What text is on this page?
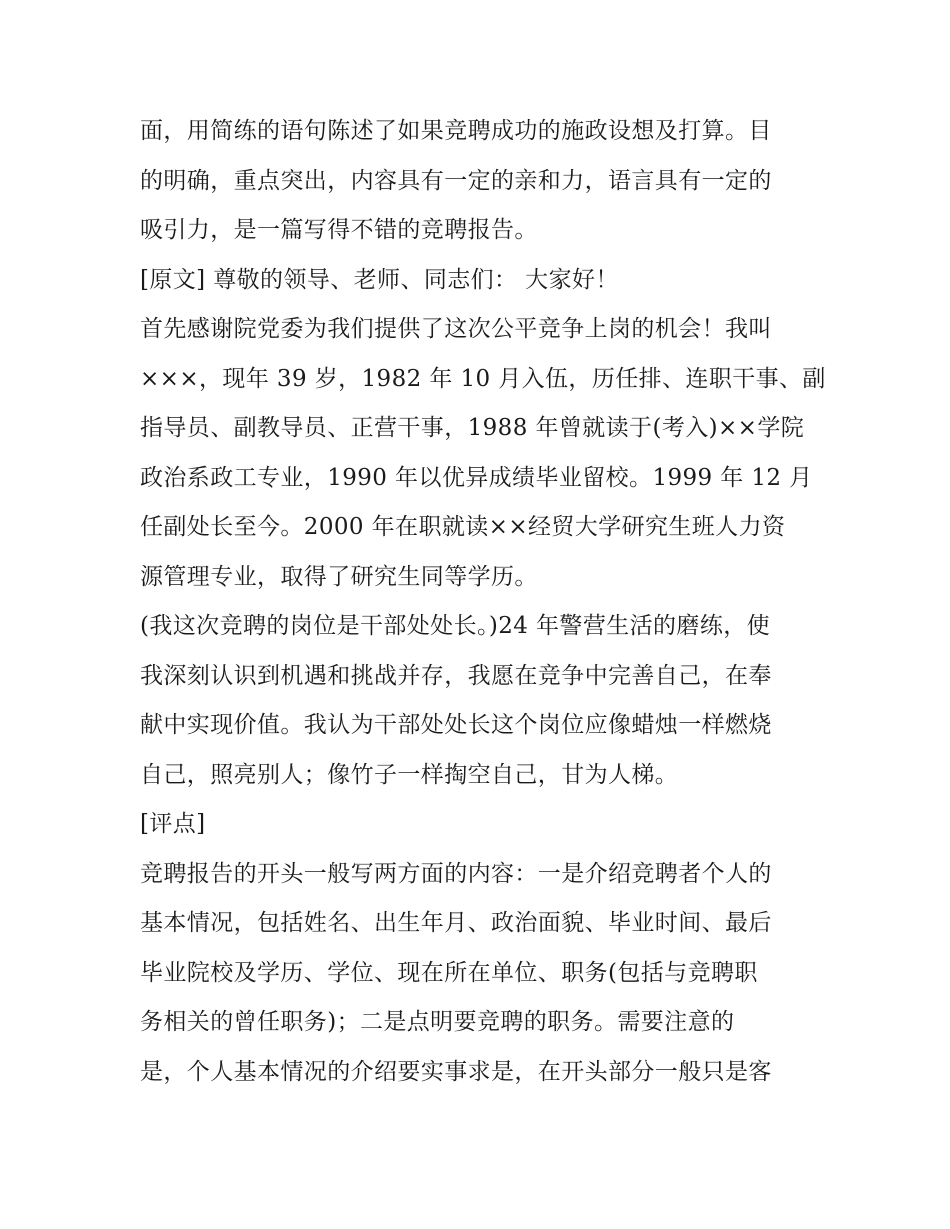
面，用简练的语句陈述了如果竞聘成功的施政设想及打算。目
的明确，重点突出，内容具有一定的亲和力，语言具有一定的
吸引力，是一篇写得不错的竞聘报告。
[原文] 尊敬的领导、老师、同志们： 大家好！
首先感谢院党委为我们提供了这次公平竞争上岗的机会！我叫
×××，现年 39 岁，1982 年 10 月入伍，历任排、连职干事、副
指导员、副教导员、正营干事，1988 年曾就读于(考入)××学院
政治系政工专业，1990 年以优异成绩毕业留校。1999 年 12 月
任副处长至今。2000 年在职就读××经贸大学研究生班人力资
源管理专业，取得了研究生同等学历。
(我这次竞聘的岗位是干部处处长。)24 年警营生活的磨练，使
我深刻认识到机遇和挑战并存，我愿在竞争中完善自己，在奉
献中实现价值。我认为干部处处长这个岗位应像蜡烛一样燃烧
自己，照亮别人；像竹子一样掏空自己，甘为人梯。
[评点]
竞聘报告的开头一般写两方面的内容：一是介绍竞聘者个人的
基本情况，包括姓名、出生年月、政治面貌、毕业时间、最后
毕业院校及学历、学位、现在所在单位、职务(包括与竞聘职
务相关的曾任职务)；二是点明要竞聘的职务。需要注意的
是，个人基本情况的介绍要实事求是，在开头部分一般只是客
